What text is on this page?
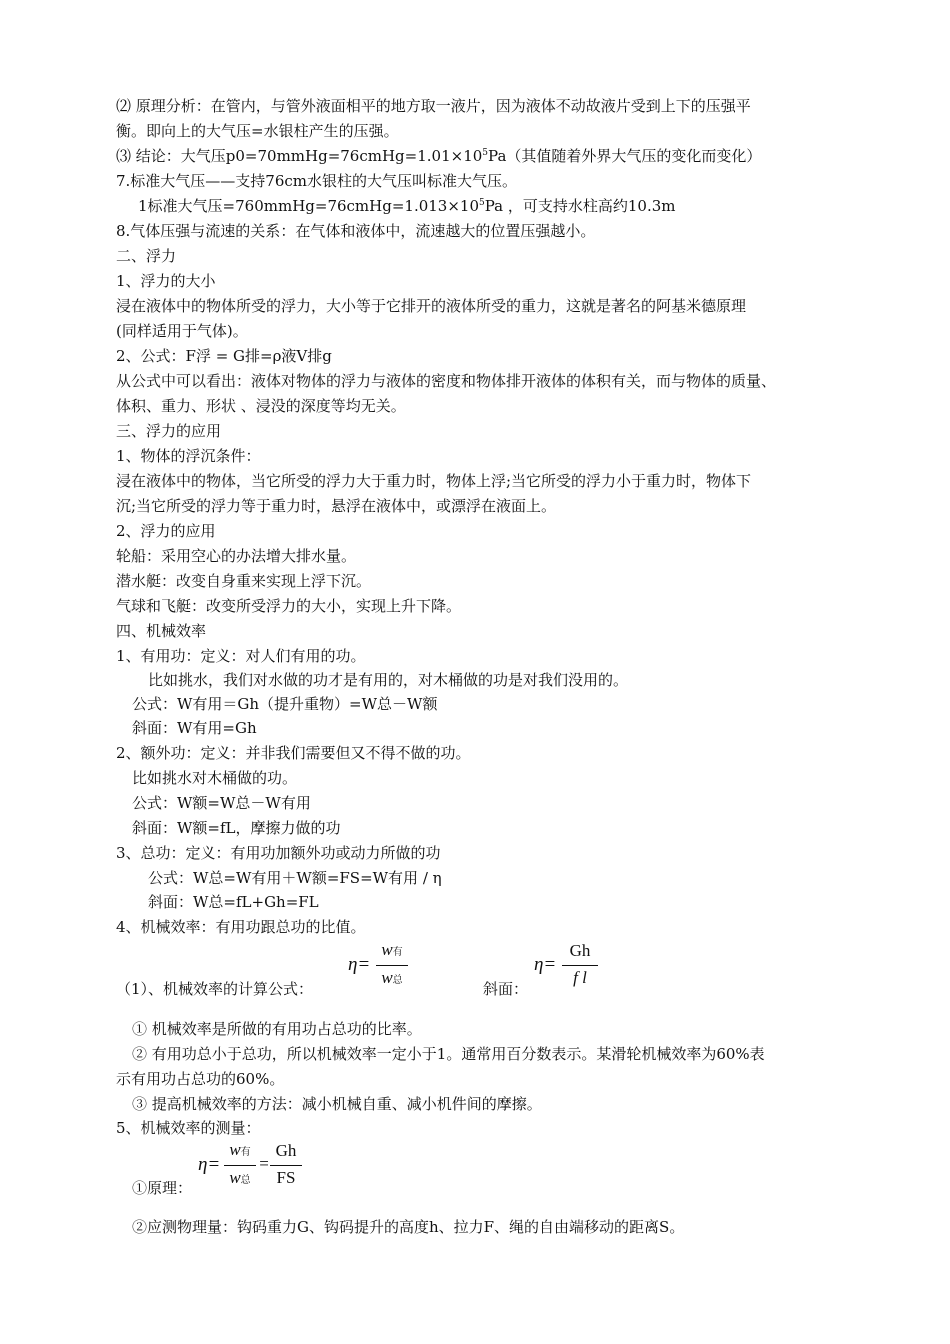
⑵ 原理分析：在管内，与管外液面相平的地方取一液片，因为液体不动故液片受到上下的压强平
衡。即向上的大气压=水银柱产生的压强。
⑶ 结论：大气压$p0=70mmHg=76cmHg=1.01\times 10^5Pa$（其值随着外界大气压的变化而变化）
7.标准大气压——支持76cm水银柱的大气压叫标准大气压。
1标准大气压$=760mmHg=76cmHg=1.013\times 10^5Pa$ ，可支持水柱高约10.3m
8.气体压强与流速的关系：在气体和液体中，流速越大的位置压强越小。
二、浮力
1、浮力的大小
浸在液体中的物体所受的浮力，大小等于它排开的液体所受的重力，这就是著名的阿基米德原理
(同样适用于气体)。
2、公式：F浮 = G排=ρ液V排g
从公式中可以看出：液体对物体的浮力与液体的密度和物体排开液体的体积有关，而与物体的质量、
体积、重力、形状 、浸没的深度等均无关。
三、浮力的应用
1、物体的浮沉条件：
浸在液体中的物体，当它所受的浮力大于重力时，物体上浮;当它所受的浮力小于重力时，物体下
沉;当它所受的浮力等于重力时，悬浮在液体中，或漂浮在液面上。
2、浮力的应用
轮船：采用空心的办法增大排水量。
潜水艇：改变自身重来实现上浮下沉。
气球和飞艇：改变所受浮力的大小，实现上升下降。
四、机械效率
1、有用功：定义：对人们有用的功。
比如挑水，我们对水做的功才是有用的，对木桶做的功是对我们没用的。
公式：W有用＝Gh（提升重物）=W总－W额
斜面：W有用=Gh
2、额外功：定义：并非我们需要但又不得不做的功。
比如挑水对木桶做的功。
公式：W额=W总－W有用
斜面：W额=fL，摩擦力做的功
3、总功：定义：有用功加额外功或动力所做的功
公式：W总=W有用＋W额=FS=W有用 / η
斜面：W总=fL+Gh=FL
4、机械效率：有用功跟总功的比值。
（1）、机械效率的计算公式：
η=
w有
w总	斜面：
η=
Gh
f l
① 机械效率是所做的有用功占总功的比率。
② 有用功总小于总功，所以机械效率一定小于1。通常用百分数表示。某滑轮机械效率为60%表
示有用功占总功的60%。
③ 提高机械效率的方法：减小机械自重、减小机件间的摩擦。
5、机械效率的测量：
η=
w有
w总
=
Gh
FS
①原理：
②应测物理量：钩码重力G、钩码提升的高度h、拉力F、绳的自由端移动的距离S。
